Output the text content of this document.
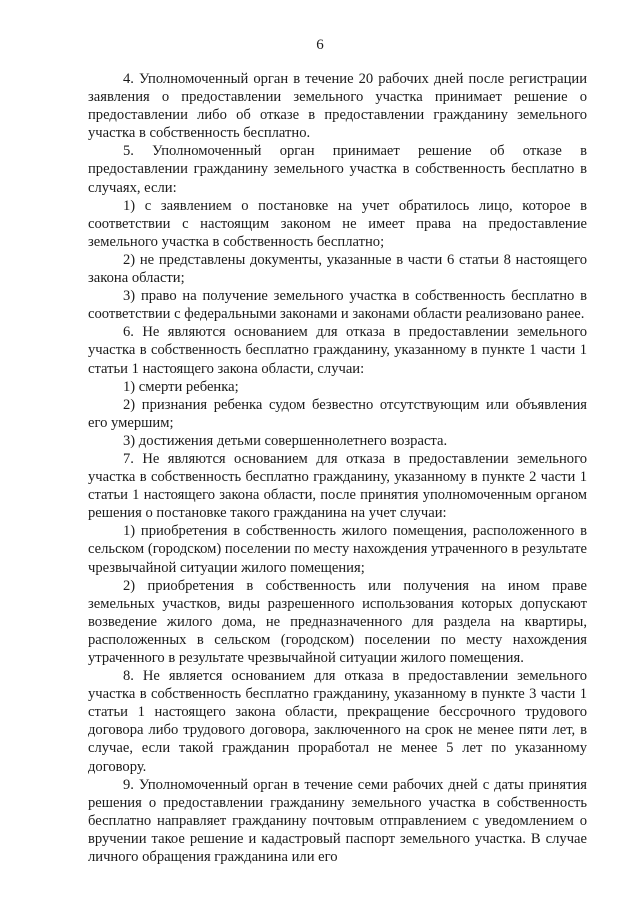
6

4. Уполномоченный орган в течение 20 рабочих дней после регистрации заявления о предоставлении земельного участка принимает решение о предоставлении либо об отказе в предоставлении гражданину земельного участка в собственность бесплатно.

5. Уполномоченный орган принимает решение об отказе в предоставлении гражданину земельного участка в собственность бесплатно в случаях, если:

1) с заявлением о постановке на учет обратилось лицо, которое в соответствии с настоящим законом не имеет права на предоставление земельного участка в собственность бесплатно;

2) не представлены документы, указанные в части 6 статьи 8 настоящего закона области;

3) право на получение земельного участка в собственность бесплатно в соответствии с федеральными законами и законами области реализовано ранее.

6. Не являются основанием для отказа в предоставлении земельного участка в собственность бесплатно гражданину, указанному в пункте 1 части 1 статьи 1 настоящего закона области, случаи:

1) смерти ребенка;

2) признания ребенка судом безвестно отсутствующим или объявления его умершим;

3) достижения детьми совершеннолетнего возраста.

7. Не являются основанием для отказа в предоставлении земельного участка в собственность бесплатно гражданину, указанному в пункте 2 части 1 статьи 1 настоящего закона области, после принятия уполномоченным органом решения о постановке такого гражданина на учет случаи:

1) приобретения в собственность жилого помещения, расположенного в сельском (городском) поселении по месту нахождения утраченного в результате чрезвычайной ситуации жилого помещения;

2) приобретения в собственность или получения на ином праве земельных участков, виды разрешенного использования которых допускают возведение жилого дома, не предназначенного для раздела на квартиры, расположенных в сельском (городском) поселении по месту нахождения утраченного в результате чрезвычайной ситуации жилого помещения.

8. Не является основанием для отказа в предоставлении земельного участка в собственность бесплатно гражданину, указанному в пункте 3 части 1 статьи 1 настоящего закона области, прекращение бессрочного трудового договора либо трудового договора, заключенного на срок не менее пяти лет, в случае, если такой гражданин проработал не менее 5 лет по указанному договору.

9. Уполномоченный орган в течение семи рабочих дней с даты принятия решения о предоставлении гражданину земельного участка в собственность бесплатно направляет гражданину почтовым отправлением с уведомлением о вручении такое решение и кадастровый паспорт земельного участка. В случае личного обращения гражданина или его
